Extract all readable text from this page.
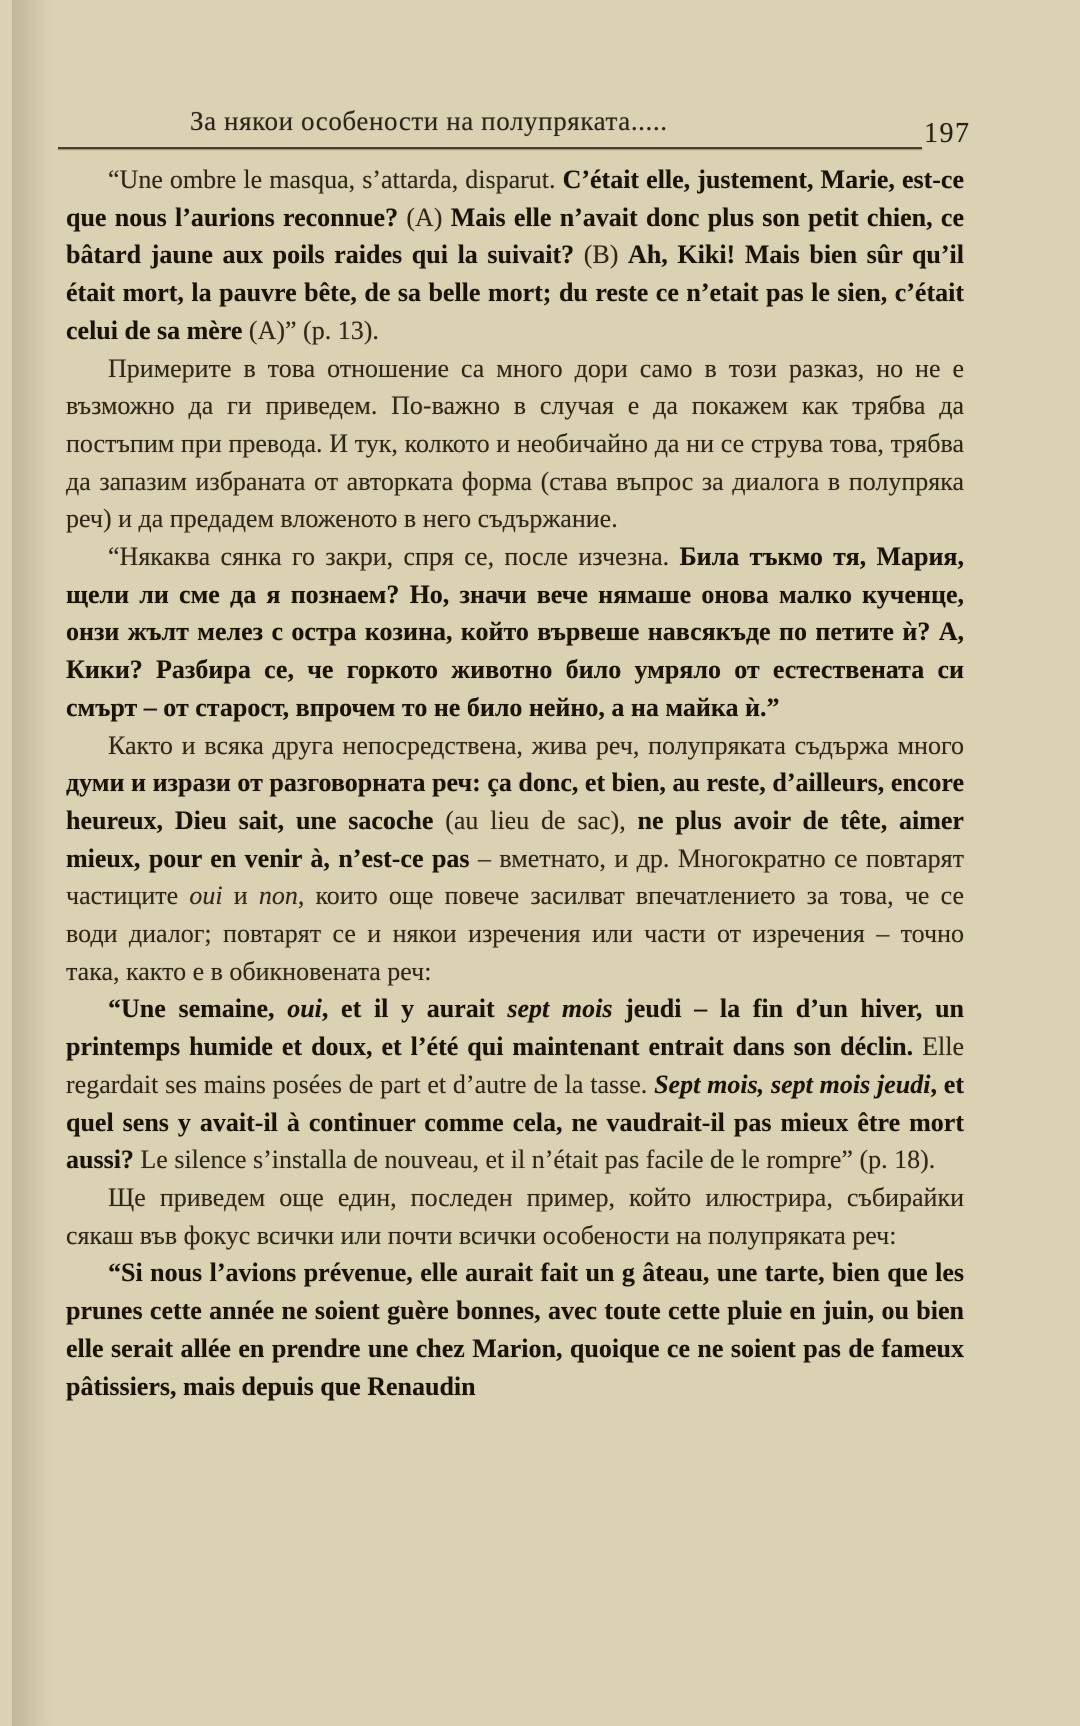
За някои особености на полупряката.....	197

“Une ombre le masqua, s’attarda, disparut. C’était elle, justement, Marie, est-ce que nous l’aurions reconnue? (A) Mais elle n’avait donc plus son petit chien, ce bâtard jaune aux poils raides qui la suivait? (B) Ah, Kiki! Mais bien sûr qu’il était mort, la pauvre bête, de sa belle mort; du reste ce n’etait pas le sien, c’était celui de sa mère (A)” (p. 13).

Примерите в това отношение са много дори само в този разказ, но не е възможно да ги приведем. По-важно в случая е да покажем как трябва да постъпим при превода. И тук, колкото и необичайно да ни се струва това, трябва да запазим избраната от авторката форма (става въпрос за диалога в полупряка реч) и да предадем вложеното в него съдържание.

“Някаква сянка го закри, спря се, после изчезна. Била тъкмо тя, Мария, щели ли сме да я познаем? Но, значи вече нямаше онова малко кученце, онзи жълт мелез с остра козина, който вървеше навсякъде по петите ѝ? А, Кики? Разбира се, че горкото животно било умряло от естествената си смърт – от старост, впрочем то не било нейно, а на майка ѝ.”

Както и всяка друга непосредствена, жива реч, полупряката съдържа много думи и изрази от разговорната реч: ça donc, et bien, au reste, d’ailleurs, encore heureux, Dieu sait, une sacoche (au lieu de sac), ne plus avoir de tête, aimer mieux, pour en venir à, n’est-ce pas – вметнато, и др. Многократно се повтарят частиците oui и non, които още повече засилват впечатлението за това, че се води диалог; повтарят се и някои изречения или части от изречения – точно така, както е в обикновената реч:

“Une semaine, oui, et il y aurait sept mois jeudi – la fin d’un hiver, un printemps humide et doux, et l’été qui maintenant entrait dans son déclin. Elle regardait ses mains posées de part et d’autre de la tasse. Sept mois, sept mois jeudi, et quel sens y avait-il à continuer comme cela, ne vaudrait-il pas mieux être mort aussi? Le silence s’installa de nouveau, et il n’était pas facile de le rompre” (p. 18).

Ще приведем още един, последен пример, който илюстрира, събирайки сякаш във фокус всички или почти всички особености на полупряката реч:

“Si nous l’avions prévenue, elle aurait fait un g âteau, une tarte, bien que les prunes cette année ne soient guère bonnes, avec toute cette pluie en juin, ou bien elle serait allée en prendre une chez Marion, quoique ce ne soient pas de fameux pâtissiers, mais depuis que Renaudin
